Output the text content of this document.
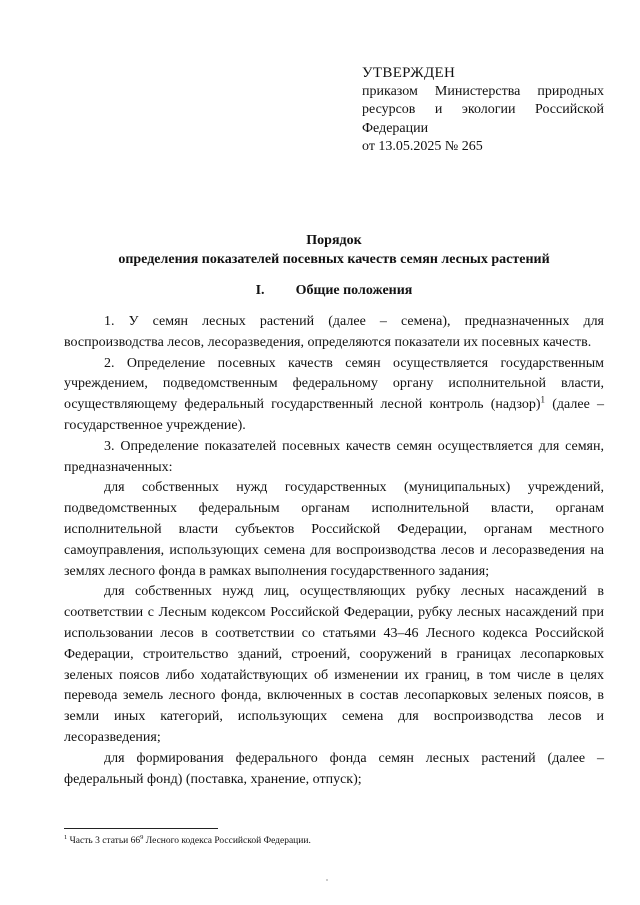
УТВЕРЖДЕН
приказом Министерства природных ресурсов и экологии Российской Федерации
от 13.05.2025 № 265
Порядок
определения показателей посевных качеств семян лесных растений
I. Общие положения

1. У семян лесных растений (далее – семена), предназначенных для воспроизводства лесов, лесоразведения, определяются показатели их посевных качеств.

2. Определение посевных качеств семян осуществляется государственным учреждением, подведомственным федеральному органу исполнительной власти, осуществляющему федеральный государственный лесной контроль (надзор)$^1$ (далее – государственное учреждение).

3. Определение показателей посевных качеств семян осуществляется для семян, предназначенных:

для собственных нужд государственных (муниципальных) учреждений, подведомственных федеральным органам исполнительной власти, органам исполнительной власти субъектов Российской Федерации, органам местного самоуправления, использующих семена для воспроизводства лесов и лесоразведения на землях лесного фонда в рамках выполнения государственного задания;

для собственных нужд лиц, осуществляющих рубку лесных насаждений в соответствии с Лесным кодексом Российской Федерации, рубку лесных насаждений при использовании лесов в соответствии со статьями 43–46 Лесного кодекса Российской Федерации, строительство зданий, строений, сооружений в границах лесопарковых зеленых поясов либо ходатайствующих об изменении их границ, в том числе в целях перевода земель лесного фонда, включенных в состав лесопарковых зеленых поясов, в земли иных категорий, использующих семена для воспроизводства лесов и лесоразведения;

для формирования федерального фонда семян лесных растений (далее – федеральный фонд) (поставка, хранение, отпуск);

$^1$ Часть 3 статьи $66^9$ Лесного кодекса Российской Федерации.
